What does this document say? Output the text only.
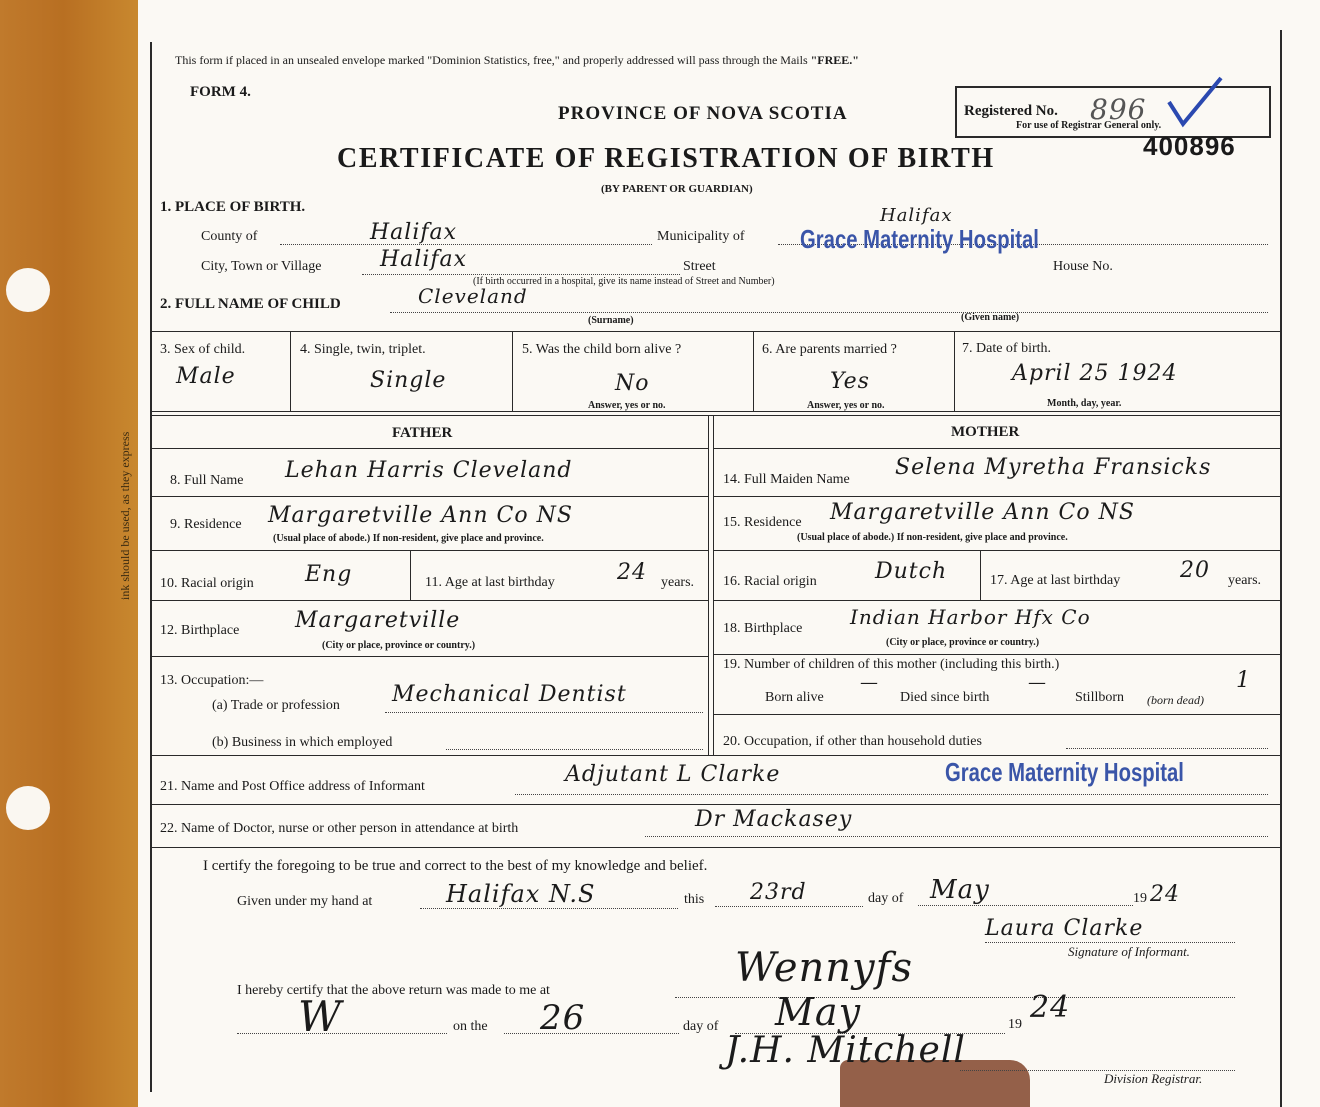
ink should be used, as they express
This form if placed in an unsealed envelope marked "Dominion Statistics, free," and properly addressed will pass through the Mails "FREE."
FORM 4.
PROVINCE OF NOVA SCOTIA
CERTIFICATE OF REGISTRATION OF BIRTH
(BY PARENT OR GUARDIAN)
Registered No. 896
For use of Registrar General only.
400896
1. PLACE OF BIRTH.
County of	Halifax	Municipality of
Halifax
City, Town or Village	Halifax	Street
Grace Maternity Hospital
House No.
(If birth occurred in a hospital, give its name instead of Street and Number)
2. FULL NAME OF CHILD	Cleveland
(Surname)	(Given name)
3. Sex of child.
Male
4. Single, twin, triplet.
Single
5. Was the child born alive ?
No
Answer, yes or no.
6. Are parents married ?
Yes
Answer, yes or no.
7. Date of birth.
April 25 1924
Month, day, year.
FATHER	MOTHER
8. Full Name Lehan Harris Cleveland
9. Residence Margaretville Ann Co NS
(Usual place of abode.) If non-resident, give place and province.
10. Racial origin Eng	11. Age at last birthday	24 years.
12. Birthplace	Margaretville
(City or place, province or country.)
13. Occupation:—
(a) Trade or profession Mechanical Dentist
(b) Business in which employed
14. Full Maiden Name Selena Myretha Fransicks
15. Residence Margaretville Ann Co NS
(Usual place of abode.) If non-resident, give place and province.
16. Racial origin	Dutch	17. Age at last birthday	20 years.
18. Birthplace Indian Harbor Hfx Co
(City or place, province or country.)
19. Number of children of this mother (including this birth.)
Born alive
—
Died since birth
—
Stillborn (born dead)
1
20. Occupation, if other than household duties
21. Name and Post Office address of Informant	Adjutant L Clarke	Grace Maternity Hospital
22. Name of Doctor, nurse or other person in attendance at birth	Dr Mackasey
I certify the foregoing to be true and correct to the best of my knowledge and belief.
Given under my hand at	Halifax N.S	this 23rd	day of May	19 24
Laura Clarke
Signature of Informant.
I hereby certify that the above return was made to me at	Wennyfs
W	on the 26	day of May	19 24
J.H. Mitchell
Division Registrar.
